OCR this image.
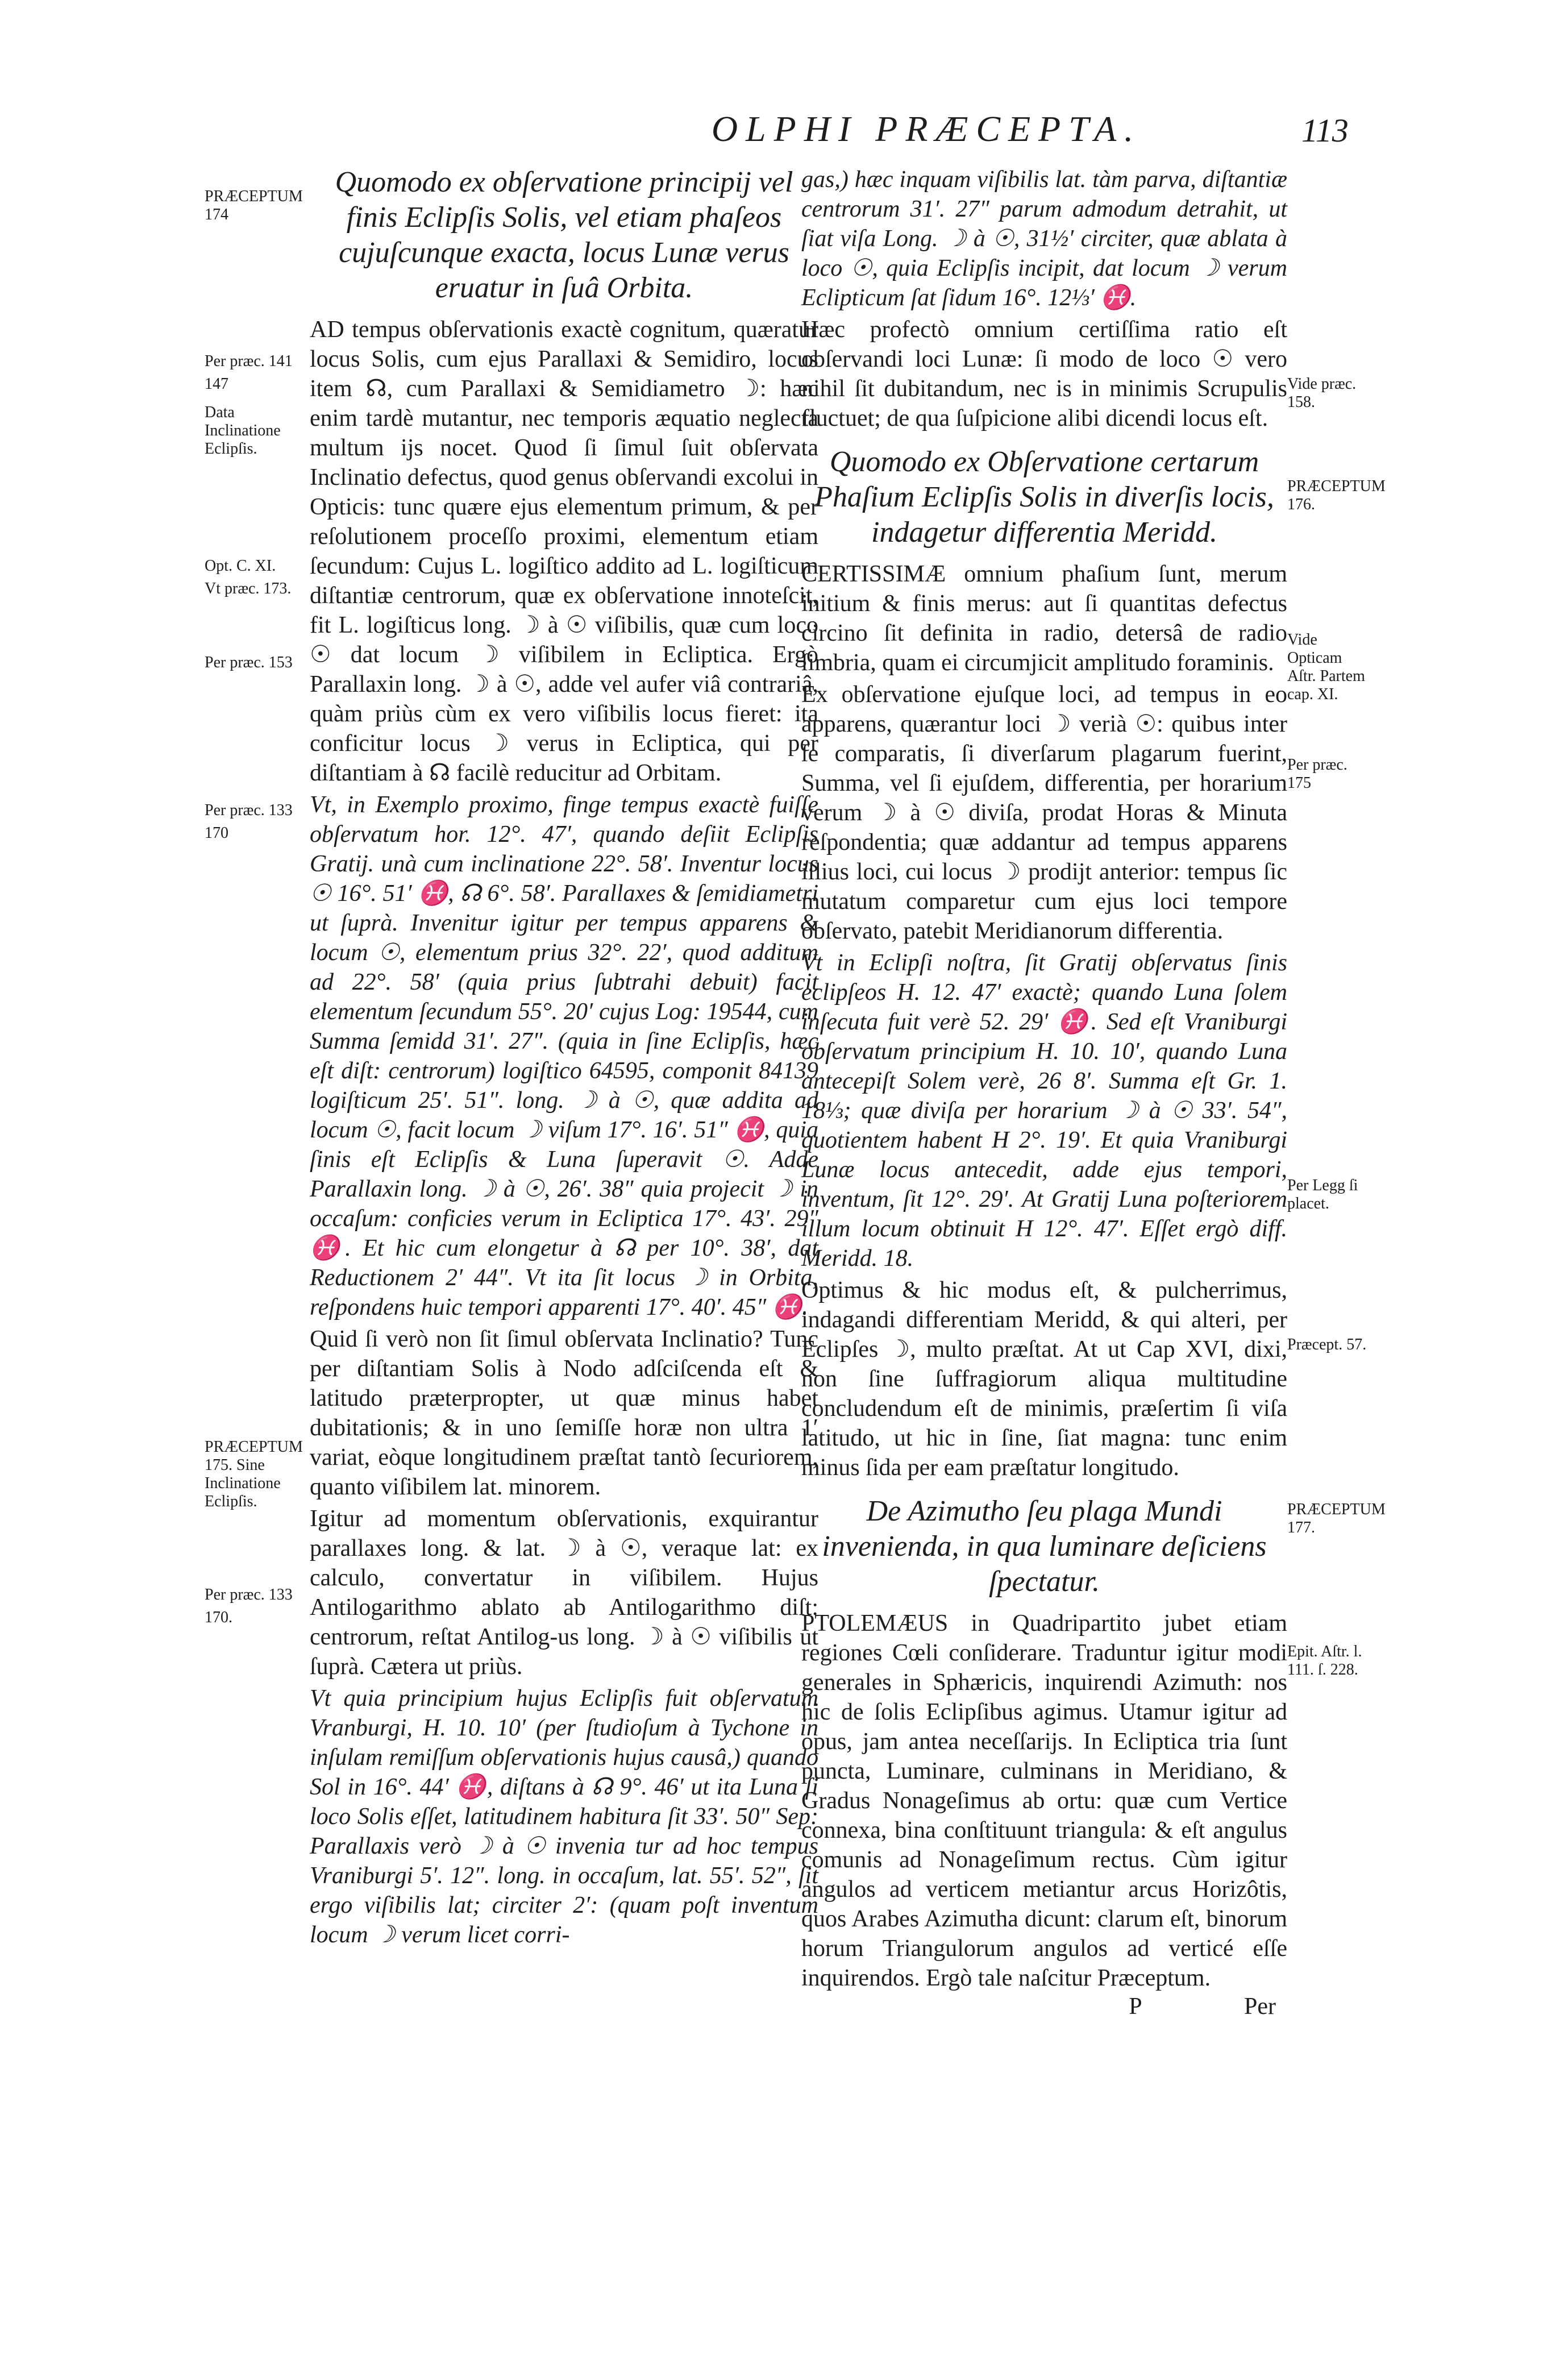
OLPHI PRÆCEPTA.	113
PRÆCEPTUM 174
Per præc. 141
147
Data Inclinatione Eclipſis.
Opt. C. XI.
Vt præc. 173.
Per præc. 153
Per præc. 133
170
PRÆCEPTUM 175. Sine Inclinatione Eclipſis.
Per præc. 133
170.
Quomodo ex obſervatione principij vel finis Eclipſis Solis, vel etiam phaſeos cujuſcunque exacta, locus Lunæ verus eruatur in ſuâ Orbita.

AD tempus obſervationis exactè cognitum, quæratur locus Solis, cum ejus Parallaxi & Semidiro, locus item ☊, cum Parallaxi & Semidiametro ☽: hæc enim tardè mutantur, nec temporis æquatio neglecta multum ijs nocet. Quod ſi ſimul ſuit obſervata Inclinatio defectus, quod genus obſervandi excolui in Opticis: tunc quære ejus elementum primum, & per reſolutionem proceſſo proximi, elementum etiam ſecundum: Cujus L. logiſtico addito ad L. logiſticum diſtantiæ centrorum, quæ ex obſervatione innoteſcit, fit L. logiſticus long. ☽ à ☉ viſibilis, quæ cum loco ☉ dat locum ☽ viſibilem in Ecliptica. Ergò Parallaxin long. ☽ à ☉, adde vel aufer viâ contrariâ, quàm priùs cùm ex vero viſibilis locus fieret: ita conficitur locus ☽ verus in Ecliptica, qui per diſtantiam à ☊ facilè reducitur ad Orbitam.

Vt, in Exemplo proximo, finge tempus exactè fuiſſe obſervatum hor. 12°. 47′, quando deſiit Eclipſis Gratij. unà cum inclinatione 22°. 58′. Inventur locus ☉ 16°. 51′ ♓, ☊ 6°. 58′. Parallaxes & ſemidiametri ut ſuprà. Invenitur igitur per tempus apparens & locum ☉, elementum prius 32°. 22′, quod additum ad 22°. 58′ (quia prius ſubtrahi debuit) facit elementum ſecundum 55°. 20′ cujus Log: 19544, cum Summa ſemidd 31′. 27″. (quia in ſine Eclipſis, hæc eſt diſt: centrorum) logiſtico 64595, componit 84139 logiſticum 25′. 51″. long. ☽ à ☉, quæ addita ad locum ☉, facit locum ☽ viſum 17°. 16′. 51″ ♓, quia ſinis eſt Eclipſis & Luna ſuperavit ☉. Adde Parallaxin long. ☽ à ☉, 26′. 38″ quia projecit ☽ in occaſum: conficies verum in Ecliptica 17°. 43′. 29″ ♓. Et hic cum elongetur à ☊ per 10°. 38′, dat Reductionem 2′ 44″. Vt ita ſit locus ☽ in Orbita, reſpondens huic tempori apparenti 17°. 40′. 45″ ♓.

Quid ſi verò non ſit ſimul obſervata Inclinatio? Tunc per diſtantiam Solis à Nodo adſciſcenda eſt & latitudo præterpropter, ut quæ minus habet dubitationis; & in uno ſemiſſe horæ non ultra 1′ variat, eòque longitudinem præſtat tantò ſecuriorem, quanto viſibilem lat. minorem.

Igitur ad momentum obſervationis, exquirantur parallaxes long. & lat. ☽ à ☉, veraque lat: ex calculo, convertatur in viſibilem. Hujus Antilogarithmo ablato ab Antilogarithmo diſt: centrorum, reſtat Antilog-us long. ☽ à ☉ viſibilis ut ſuprà. Cætera ut priùs.

Vt quia principium hujus Eclipſis fuit obſervatum Vranburgi, H. 10. 10′ (per ſtudioſum à Tychone in inſulam remiſſum obſervationis hujus causâ,) quando Sol in 16°. 44′ ♓, diſtans à ☊ 9°. 46′ ut ita Luna ſi loco Solis eſſet, latitudinem habitura ſit 33′. 50″ Sep: Parallaxis verò ☽ à ☉ invenia tur ad hoc tempus Vraniburgi 5′. 12″. long. in occaſum, lat. 55′. 52″, ſit ergo viſibilis lat; circiter 2′: (quam poſt inventum locum ☽ verum licet corri-

gas,) hæc inquam viſibilis lat. tàm parva, diſtantiæ centrorum 31′. 27″ parum admodum detrahit, ut ſiat viſa Long. ☽ à ☉, 31½′ circiter, quæ ablata à loco ☉, quia Eclipſis incipit, dat locum ☽ verum Eclipticum ſat ſidum 16°. 12⅓′ ♓.

Hæc profectò omnium certiſſima ratio eſt obſervandi loci Lunæ: ſi modo de loco ☉ vero nihil ſit dubitandum, nec is in minimis Scrupulis fluctuet; de qua ſuſpicione alibi dicendi locus eſt.

Quomodo ex Obſervatione certarum Phaſium Eclipſis Solis in diverſis locis, indagetur differentia Meridd.

CERTISSIMÆ omnium phaſium ſunt, merum initium & finis merus: aut ſi quantitas defectus circino ſit definita in radio, detersâ de radio ſimbria, quam ei circumjicit amplitudo foraminis.

Ex obſervatione ejuſque loci, ad tempus in eo apparens, quærantur loci ☽ verià ☉: quibus inter ſe comparatis, ſi diverſarum plagarum fuerint, Summa, vel ſi ejuſdem, differentia, per horarium verum ☽ à ☉ diviſa, prodat Horas & Minuta reſpondentia; quæ addantur ad tempus apparens illius loci, cui locus ☽ prodijt anterior: tempus ſic mutatum comparetur cum ejus loci tempore obſervato, patebit Meridianorum differentia.

Vt in Eclipſi noſtra, ſit Gratij obſervatus ſinis eclipſeos H. 12. 47′ exactè; quando Luna ſolem inſecuta fuit verè 52. 29′ ♓. Sed eſt Vraniburgi obſervatum principium H. 10. 10′, quando Luna antecepiſt Solem verè, 26 8′. Summa eſt Gr. 1. 18⅓; quæ diviſa per horarium ☽ à ☉ 33′. 54″, quotientem habent H 2°. 19′. Et quia Vraniburgi Lunæ locus antecedit, adde ejus tempori, inventum, ſit 12°. 29′. At Gratij Luna poſteriorem illum locum obtinuit H 12°. 47′. Eſſet ergò diff. Meridd. 18.

Optimus & hic modus eſt, & pulcherrimus, indagandi differentiam Meridd, & qui alteri, per Eclipſes ☽, multo præſtat. At ut Cap XVI, dixi, non ſine ſuffragiorum aliqua multitudine concludendum eſt de minimis, præſertim ſi viſa latitudo, ut hic in ſine, ſiat magna: tunc enim minus ſida per eam præſtatur longitudo.

De Azimutho ſeu plaga Mundi invenienda, in qua luminare deſiciens ſpectatur.

PTOLEMÆUS in Quadripartito jubet etiam regiones Cœli conſiderare. Traduntur igitur modi generales in Sphæricis, inquirendi Azimuth: nos hic de ſolis Eclipſibus agimus. Utamur igitur ad opus, jam antea neceſſarijs. In Ecliptica tria ſunt puncta, Luminare, culminans in Meridiano, & Gradus Nonageſimus ab ortu: quæ cum Vertice connexa, bina conſtituunt triangula: & eſt angulus comunis ad Nonageſimum rectus. Cùm igitur angulos ad verticem metiantur arcus Horizôtis, quos Arabes Azimutha dicunt: clarum eſt, binorum horum Triangulorum angulos ad verticé eſſe inquirendos. Ergò tale naſcitur Præceptum.

P	Per
Vide præc. 158.
PRÆCEPTUM 176.
Vide Opticam Aſtr. Partem cap. XI.
Per præc. 175
Per Legg ſi placet.
Præcept. 57.
PRÆCEPTUM 177.
Epit. Aſtr. l. 111. ſ. 228.
